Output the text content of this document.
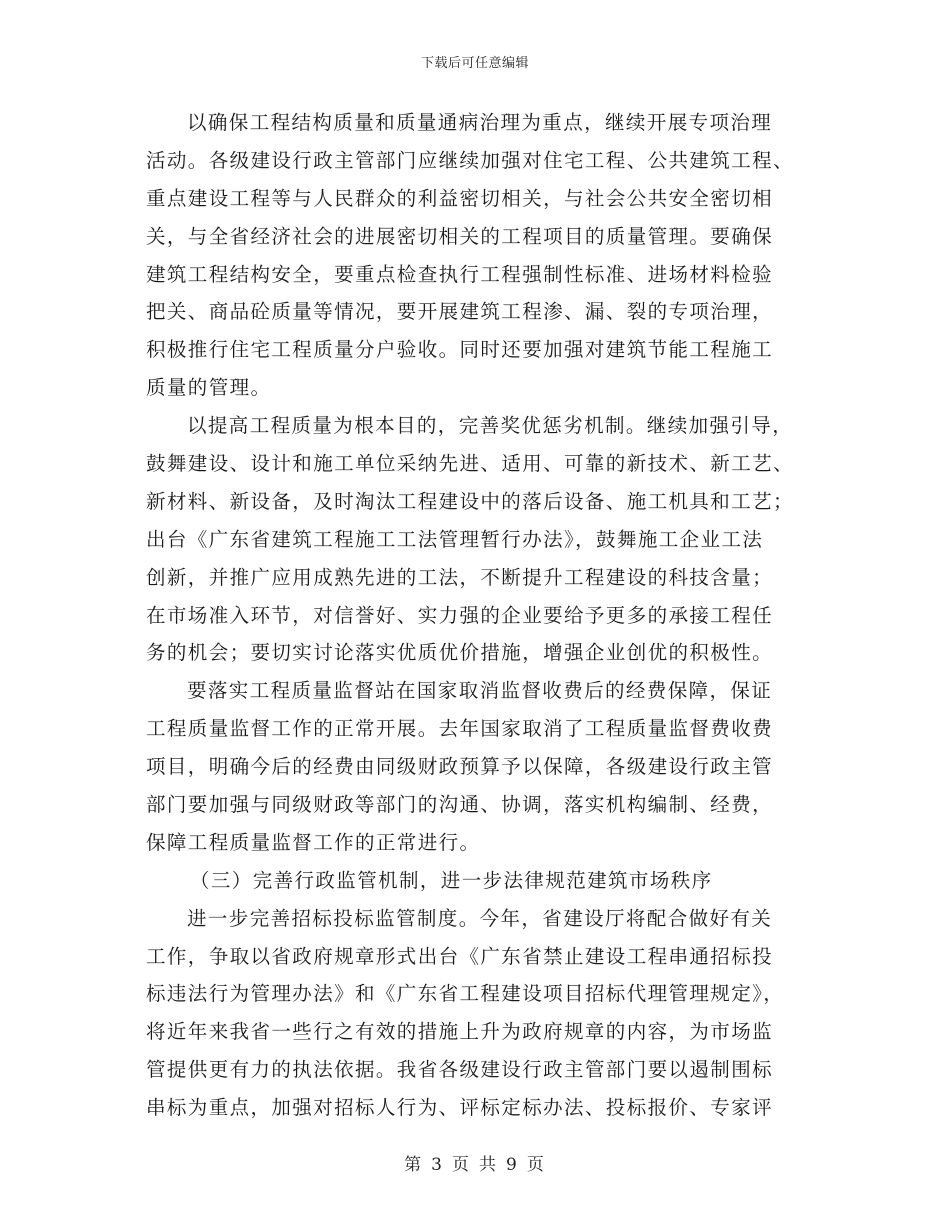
下载后可任意编辑
以确保工程结构质量和质量通病治理为重点，继续开展专项治理
活动。各级建设行政主管部门应继续加强对住宅工程、公共建筑工程、
重点建设工程等与人民群众的利益密切相关，与社会公共安全密切相
关，与全省经济社会的进展密切相关的工程项目的质量管理。要确保
建筑工程结构安全，要重点检查执行工程强制性标准、进场材料检验
把关、商品砼质量等情况，要开展建筑工程渗、漏、裂的专项治理，
积极推行住宅工程质量分户验收。同时还要加强对建筑节能工程施工
质量的管理。
以提高工程质量为根本目的，完善奖优惩劣机制。继续加强引导，
鼓舞建设、设计和施工单位采纳先进、适用、可靠的新技术、新工艺、
新材料、新设备，及时淘汰工程建设中的落后设备、施工机具和工艺；
出台《广东省建筑工程施工工法管理暂行办法》，鼓舞施工企业工法
创新，并推广应用成熟先进的工法，不断提升工程建设的科技含量；
在市场准入环节，对信誉好、实力强的企业要给予更多的承接工程任
务的机会；要切实讨论落实优质优价措施，增强企业创优的积极性。
要落实工程质量监督站在国家取消监督收费后的经费保障，保证
工程质量监督工作的正常开展。去年国家取消了工程质量监督费收费
项目，明确今后的经费由同级财政预算予以保障，各级建设行政主管
部门要加强与同级财政等部门的沟通、协调，落实机构编制、经费，
保障工程质量监督工作的正常进行。
（三）完善行政监管机制，进一步法律规范建筑市场秩序
进一步完善招标投标监管制度。今年，省建设厅将配合做好有关
工作，争取以省政府规章形式出台《广东省禁止建设工程串通招标投
标违法行为管理办法》和《广东省工程建设项目招标代理管理规定》，
将近年来我省一些行之有效的措施上升为政府规章的内容，为市场监
管提供更有力的执法依据。我省各级建设行政主管部门要以遏制围标
串标为重点，加强对招标人行为、评标定标办法、投标报价、专家评
第 3 页 共 9 页
